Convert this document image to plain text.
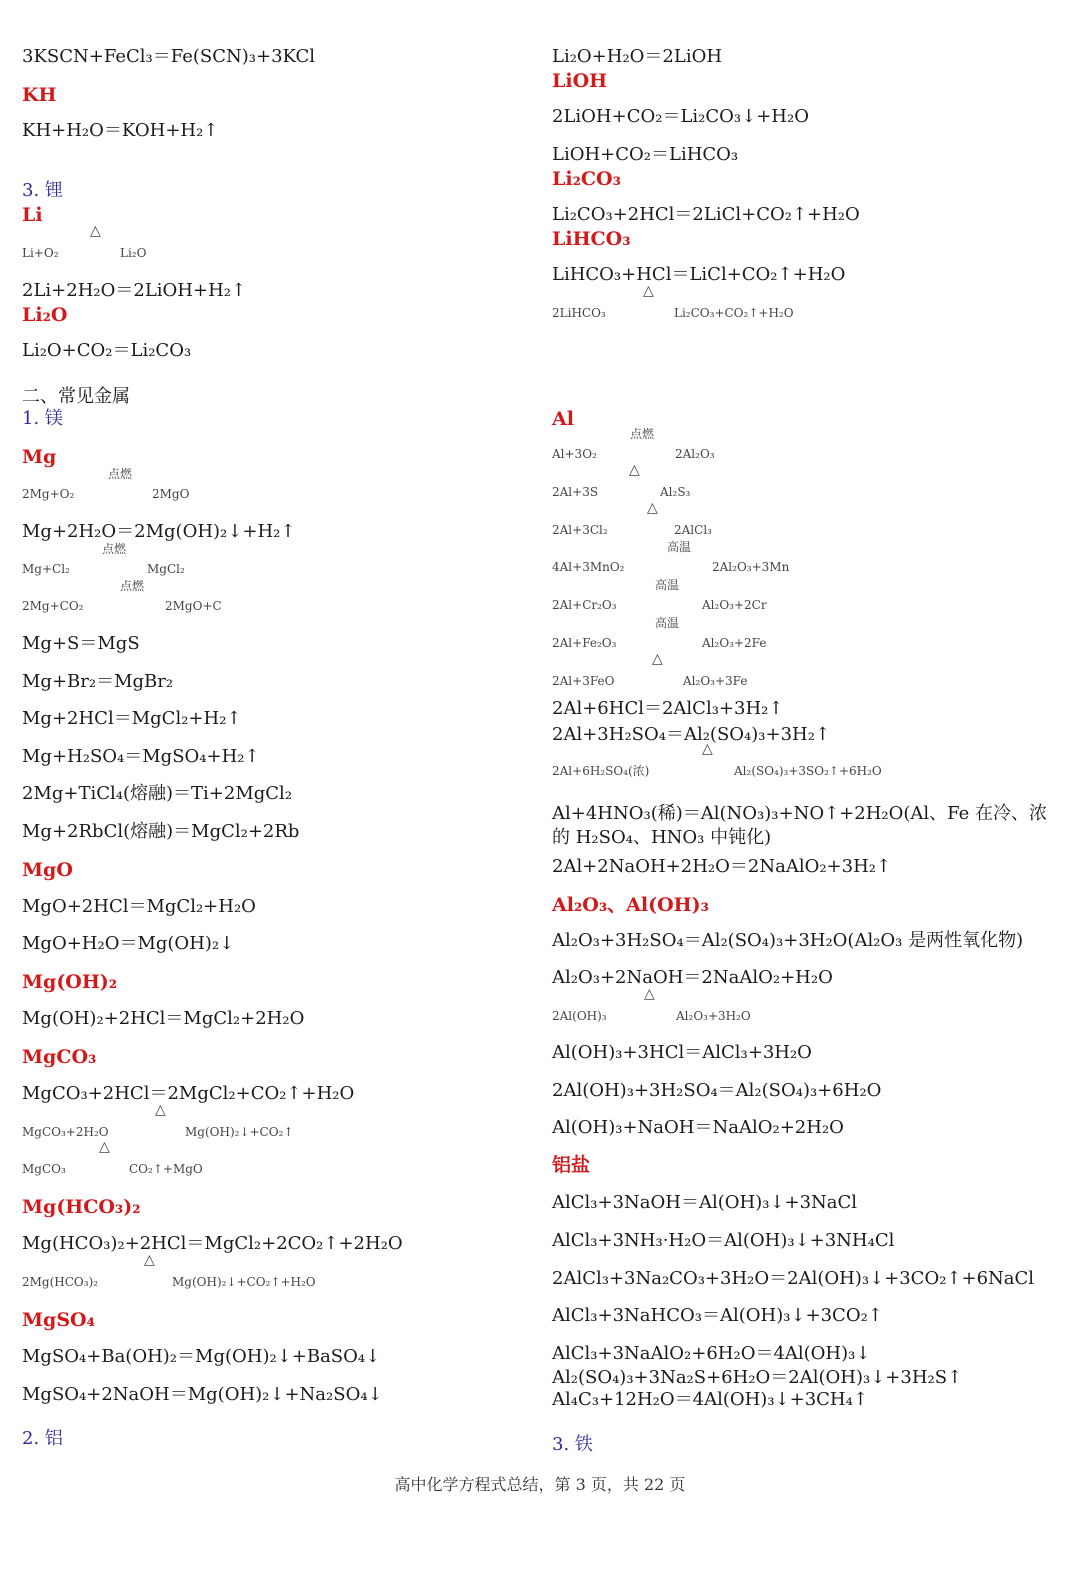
3KSCN+FeCl₃＝Fe(SCN)₃+3KCl
KH
KH+H₂O＝KOH+H₂↑
3. 锂
Li
Li+O₂
△
Li₂O
2Li+2H₂O＝2LiOH+H₂↑
Li₂O
Li₂O+CO₂＝Li₂CO₃
二、常见金属
1. 镁
Mg
2Mg+O₂
点燃
2MgO
Mg+2H₂O＝2Mg(OH)₂↓+H₂↑
Mg+Cl₂
点燃
MgCl₂
2Mg+CO₂
点燃
2MgO+C
Mg+S＝MgS
Mg+Br₂＝MgBr₂
Mg+2HCl＝MgCl₂+H₂↑
Mg+H₂SO₄＝MgSO₄+H₂↑
2Mg+TiCl₄(熔融)＝Ti+2MgCl₂
Mg+2RbCl(熔融)＝MgCl₂+2Rb
MgO
MgO+2HCl＝MgCl₂+H₂O
MgO+H₂O＝Mg(OH)₂↓
Mg(OH)₂
Mg(OH)₂+2HCl＝MgCl₂+2H₂O
MgCO₃
MgCO₃+2HCl＝2MgCl₂+CO₂↑+H₂O
MgCO₃+2H₂O
△
Mg(OH)₂↓+CO₂↑
MgCO₃
△
CO₂↑+MgO
Mg(HCO₃)₂
Mg(HCO₃)₂+2HCl＝MgCl₂+2CO₂↑+2H₂O
2Mg(HCO₃)₂
△
Mg(OH)₂↓+CO₂↑+H₂O
MgSO₄
MgSO₄+Ba(OH)₂＝Mg(OH)₂↓+BaSO₄↓
MgSO₄+2NaOH＝Mg(OH)₂↓+Na₂SO₄↓
2. 铝
Li₂O+H₂O＝2LiOH
LiOH
2LiOH+CO₂＝Li₂CO₃↓+H₂O
LiOH+CO₂＝LiHCO₃
Li₂CO₃
Li₂CO₃+2HCl＝2LiCl+CO₂↑+H₂O
LiHCO₃
LiHCO₃+HCl＝LiCl+CO₂↑+H₂O
2LiHCO₃
△
Li₂CO₃+CO₂↑+H₂O
Al
Al+3O₂
点燃
2Al₂O₃
2Al+3S
△
Al₂S₃
2Al+3Cl₂
△
2AlCl₃
4Al+3MnO₂
高温
2Al₂O₃+3Mn
2Al+Cr₂O₃
高温
Al₂O₃+2Cr
2Al+Fe₂O₃
高温
Al₂O₃+2Fe
2Al+3FeO
△
Al₂O₃+3Fe
2Al+6HCl＝2AlCl₃+3H₂↑
2Al+3H₂SO₄＝Al₂(SO₄)₃+3H₂↑
2Al+6H₂SO₄(浓)
△
Al₂(SO₄)₃+3SO₂↑+6H₂O
Al+4HNO₃(稀)＝Al(NO₃)₃+NO↑+2H₂O(Al、Fe 在冷、浓的 H₂SO₄、HNO₃ 中钝化)
2Al+2NaOH+2H₂O＝2NaAlO₂+3H₂↑
Al₂O₃、Al(OH)₃
Al₂O₃+3H₂SO₄＝Al₂(SO₄)₃+3H₂O(Al₂O₃ 是两性氧化物)
Al₂O₃+2NaOH＝2NaAlO₂+H₂O
2Al(OH)₃
△
Al₂O₃+3H₂O
Al(OH)₃+3HCl＝AlCl₃+3H₂O
2Al(OH)₃+3H₂SO₄＝Al₂(SO₄)₃+6H₂O
Al(OH)₃+NaOH＝NaAlO₂+2H₂O
铝盐
AlCl₃+3NaOH＝Al(OH)₃↓+3NaCl
AlCl₃+3NH₃·H₂O＝Al(OH)₃↓+3NH₄Cl
2AlCl₃+3Na₂CO₃+3H₂O＝2Al(OH)₃↓+3CO₂↑+6NaCl
AlCl₃+3NaHCO₃＝Al(OH)₃↓+3CO₂↑
AlCl₃+3NaAlO₂+6H₂O＝4Al(OH)₃↓
Al₂(SO₄)₃+3Na₂S+6H₂O＝2Al(OH)₃↓+3H₂S↑
Al₄C₃+12H₂O＝4Al(OH)₃↓+3CH₄↑
3. 铁
高中化学方程式总结，第 3 页，共 22 页
